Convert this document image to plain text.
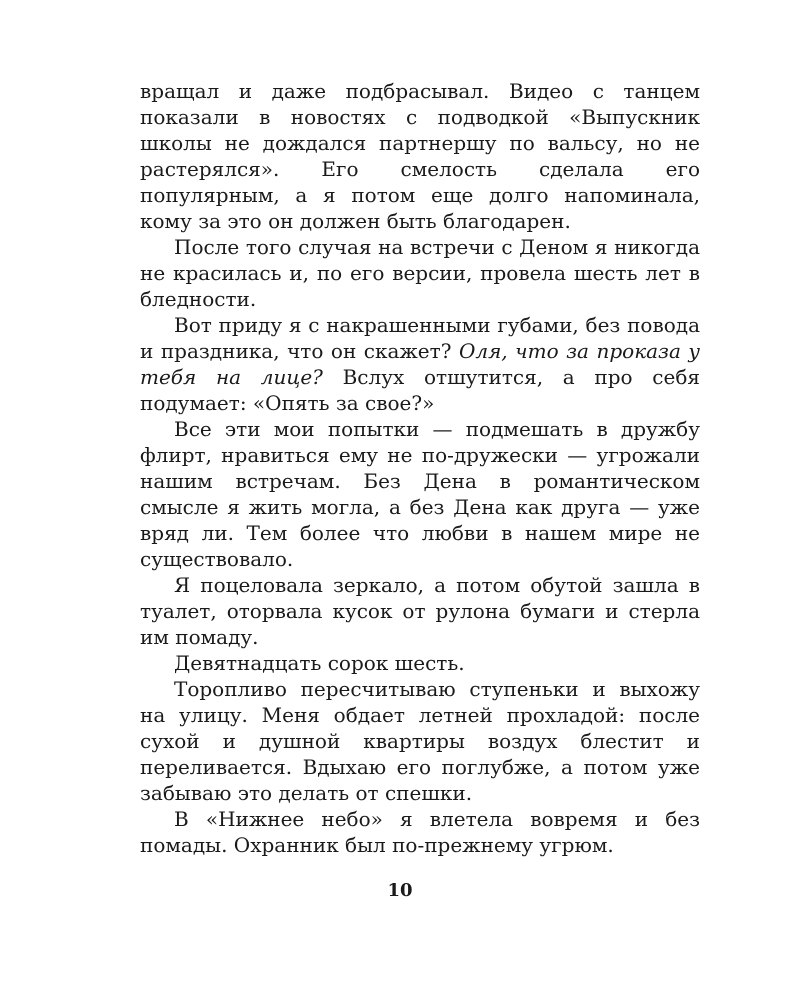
вращал и даже подбрасывал. Видео с танцем показали в новостях с подводкой «Выпускник школы не дождался партнершу по вальсу, но не растерялся». Его смелость сделала его популярным, а я потом еще долго напоминала, кому за это он должен быть благодарен.

После того случая на встречи с Деном я никогда не красилась и, по его версии, провела шесть лет в бледности.

Вот приду я с накрашенными губами, без повода и праздника, что он скажет? Оля, что за проказа у тебя на лице? Вслух отшутится, а про себя подумает: «Опять за свое?»

Все эти мои попытки — подмешать в дружбу флирт, нравиться ему не по-дружески — угрожали нашим встречам. Без Дена в романтическом смысле я жить могла, а без Дена как друга — уже вряд ли. Тем более что любви в нашем мире не существовало.

Я поцеловала зеркало, а потом обутой зашла в туалет, оторвала кусок от рулона бумаги и стерла им помаду.

Девятнадцать сорок шесть.

Торопливо пересчитываю ступеньки и выхожу на улицу. Меня обдает летней прохладой: после сухой и душной квартиры воздух блестит и переливается. Вдыхаю его поглубже, а потом уже забываю это делать от спешки.

В «Нижнее небо» я влетела вовремя и без помады. Охранник был по-прежнему угрюм.

10
